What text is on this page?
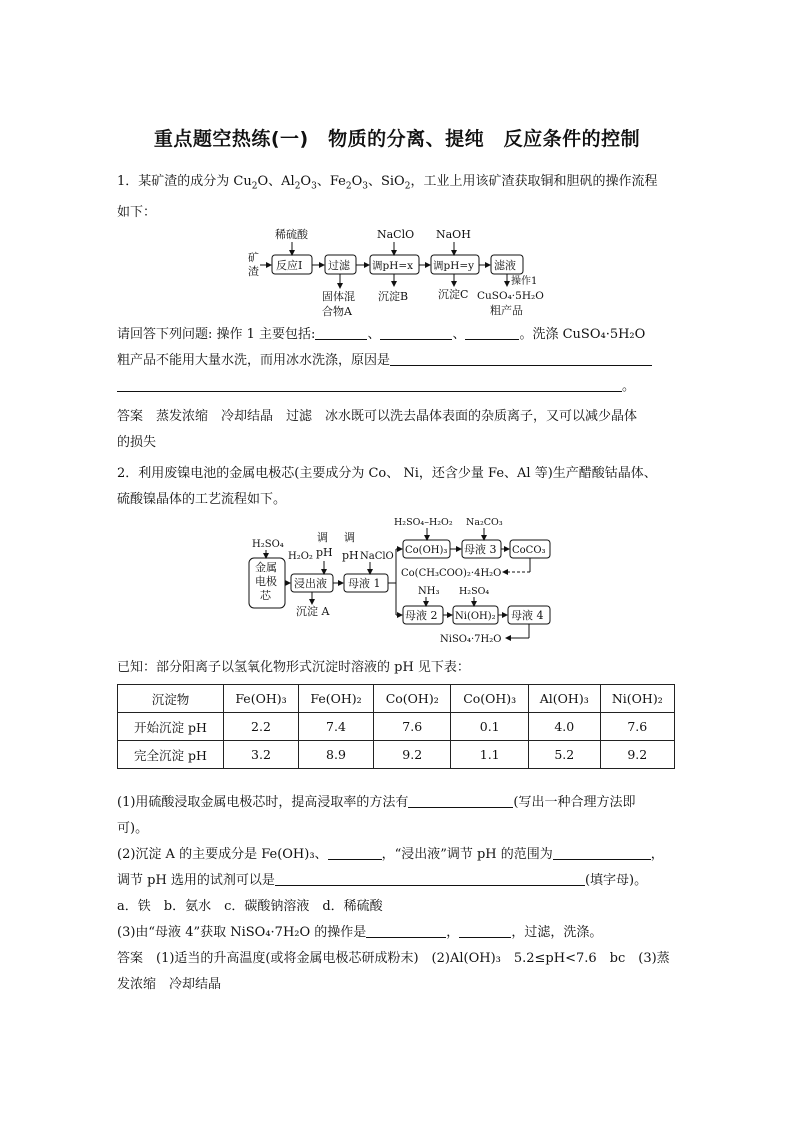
重点题空热练(一)　物质的分离、提纯　反应条件的控制
1．某矿渣的成分为 $Cu_2O$、$Al_2O_3$、$Fe_2O_3$、SiO$_2$，工业上用该矿渣获取铜和胆矾的操作流程
如下：
矿
渣
稀硫酸
反应Ⅰ 过滤
固体混
合物A
NaClO
调pH=x
沉淀B
NaOH
调pH=y
沉淀C
滤液
操作1
CuSO₄·5H₂O
粗产品
请回答下列问题: 操作 1 主要包括:	、	、	。洗涤 CuSO₄·5H₂O
粗产品不能用大量水洗，而用冰水洗涤，原因是
。
答案　蒸发浓缩　冷却结晶　过滤　冰水既可以洗去晶体表面的杂质离子，又可以减少晶体
的损失
2．利用废镍电池的金属电极芯(主要成分为 Co、 Ni，还含少量 Fe、Al 等)生产醋酸钴晶体、
硫酸镍晶体的工艺流程如下。
H₂SO₄
金属
电极
芯
H₂O₂
调
pH
浸出液
沉淀 A
调
pH NaClO
母液 1
H₂SO₄–H₂O₂ Na₂CO₃
Co(OH)₃ 母液 3 CoCO₃
Co(CH₃COO)₂·4H₂O
NH₃ H₂SO₄
母液 2 Ni(OH)₂ 母液 4
NiSO₄·7H₂O
已知：部分阳离子以氢氧化物形式沉淀时溶液的 pH 见下表：
沉淀物	Fe(OH)₃	Fe(OH)₂	Co(OH)₂	Co(OH)₃	Al(OH)₃	Ni(OH)₂
开始沉淀 pH	2.2	7.4	7.6	0.1	4.0	7.6
完全沉淀 pH	3.2	8.9	9.2	1.1	5.2	9.2
(1)用硫酸浸取金属电极芯时，提高浸取率的方法有	(写出一种合理方法即
可)。
(2)沉淀 A 的主要成分是 Fe(OH)₃、	，“浸出液”调节 pH 的范围为	，
调节 pH 选用的试剂可以是	(填字母)。
a．铁　b．氨水　c．碳酸钠溶液　d．稀硫酸
(3)由“母液 4”获取 NiSO₄·7H₂O 的操作是	，	，过滤，洗涤。
答案　(1)适当的升高温度(或将金属电极芯研成粉末)　(2)Al(OH)₃　5.2≤pH<7.6　bc　(3)蒸
发浓缩　冷却结晶
